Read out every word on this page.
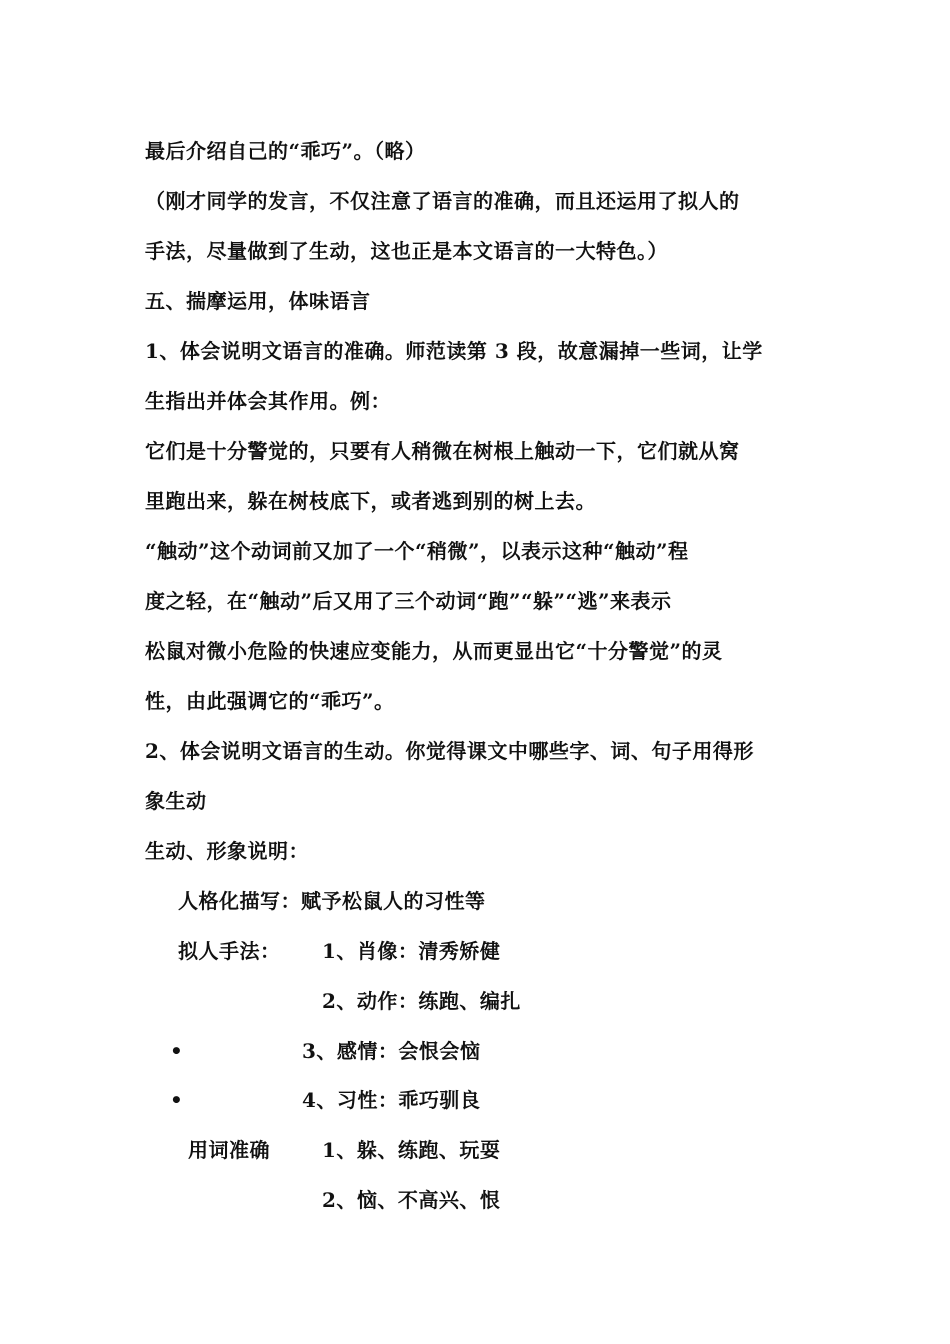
最后介绍自己的“乖巧”。（略）
（刚才同学的发言，不仅注意了语言的准确，而且还运用了拟人的
手法，尽量做到了生动，这也正是本文语言的一大特色。）
五、揣摩运用，体味语言
1、体会说明文语言的准确。师范读第 3 段，故意漏掉一些词，让学
生指出并体会其作用。例：
它们是十分警觉的，只要有人稍微在树根上触动一下，它们就从窝
里跑出来，躲在树枝底下，或者逃到别的树上去。
“触动”这个动词前又加了一个“稍微”，以表示这种“触动”程
度之轻，在“触动”后又用了三个动词“跑”“躲”“逃”来表示
松鼠对微小危险的快速应变能力，从而更显出它“十分警觉”的灵
性，由此强调它的“乖巧”。
2、体会说明文语言的生动。你觉得课文中哪些字、词、句子用得形
象生动
生动、形象说明：
人格化描写：赋予松鼠人的习性等
拟人手法： 1、肖像：清秀矫健
2、动作：练跑、编扎
•	3、感情：会恨会恼
•	4、习性：乖巧驯良
用词准确	1、躲、练跑、玩耍
2、恼、不高兴、恨
